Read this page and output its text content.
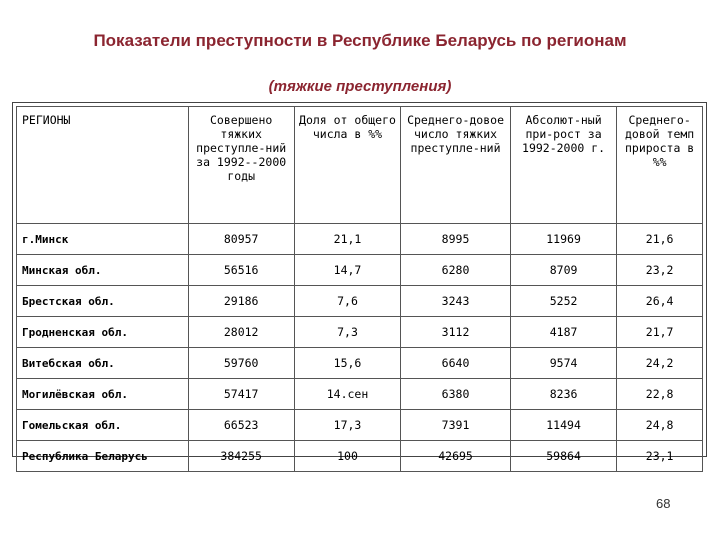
Показатели преступности в Республике Беларусь по регионам
(тяжкие преступления)
РЕГИОНЫ	Совершено тяжких преступле-ний за 1992--2000 годы	Доля от общего числа в %%	Среднего-довое число тяжких преступле-ний	Абсолют-ный при-рост за 1992-2000 г.	Среднего-довой темп прироста в %%
г.Минск	80957	21,1	8995	11969	21,6
Минская обл.	56516	14,7	6280	8709	23,2
Брестская обл.	29186	7,6	3243	5252	26,4
Гродненская обл.	28012	7,3	3112	4187	21,7
Витебская обл.	59760	15,6	6640	9574	24,2
Могилёвская обл.	57417	14.сен	6380	8236	22,8
Гомельская обл.	66523	17,3	7391	11494	24,8
Республика Беларусь	384255	100	42695	59864	23,1
68
